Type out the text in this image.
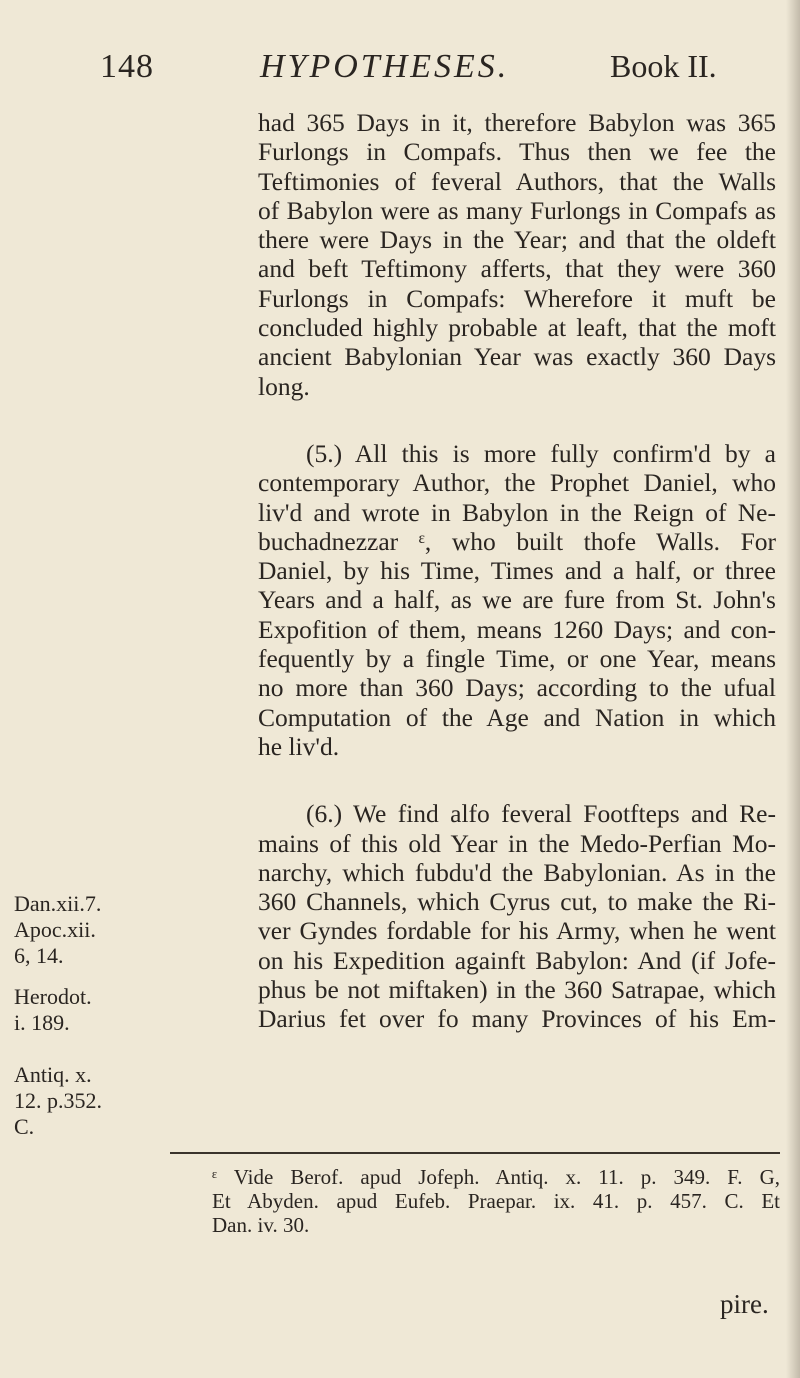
148	HYPOTHESES.	Book II.
had 365 Days in it, therefore Babylon was 365
Furlongs in Compafs. Thus then we fee the
Teftimonies of feveral Authors, that the Walls
of Babylon were as many Furlongs in Compafs as
there were Days in the Year; and that the oldeft
and beft Teftimony afferts, that they were 360
Furlongs in Compafs: Wherefore it muft be
concluded highly probable at leaft, that the moft
ancient Babylonian Year was exactly 360 Days
long.
(5.) All this is more fully confirm'd by a
contemporary Author, the Prophet Daniel, who
liv'd and wrote in Babylon in the Reign of Ne-
buchadnezzar ᵋ, who built thofe Walls. For
Daniel, by his Time, Times and a half, or three
Years and a half, as we are fure from St. John's
Expofition of them, means 1260 Days; and con-
fequently by a fingle Time, or one Year, means
no more than 360 Days; according to the ufual
Computation of the Age and Nation in which
he liv'd.
(6.) We find alfo feveral Footfteps and Re-
mains of this old Year in the Medo-Perfian Mo-
narchy, which fubdu'd the Babylonian. As in the
360 Channels, which Cyrus cut, to make the Ri-
ver Gyndes fordable for his Army, when he went
on his Expedition againft Babylon: And (if Jofe-
phus be not miftaken) in the 360 Satrapae, which
Darius fet over fo many Provinces of his Em-
Dan.xii.7.
Apoc.xii.
6, 14.
Herodot.
i. 189.

Antiq. x.
12. p.352.
C.
ᵋ Vide Berof. apud Jofeph. Antiq. x. 11. p. 349. F. G,
Et Abyden. apud Eufeb. Praepar. ix. 41. p. 457. C. Et
Dan. iv. 30.
pire.
